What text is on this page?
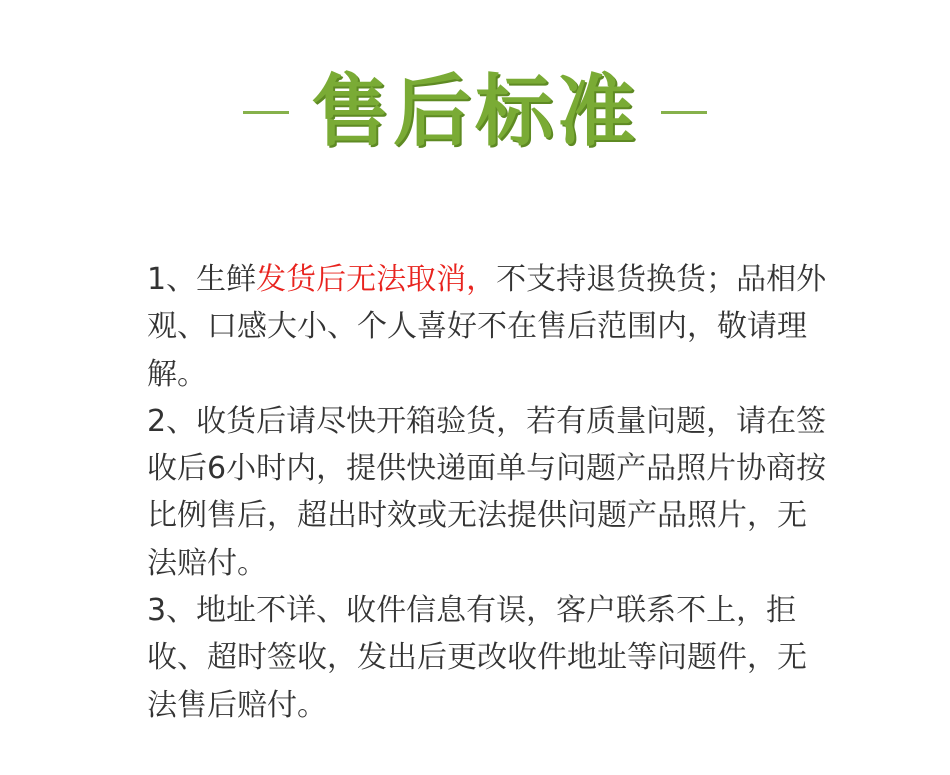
售后标准

1、生鲜发货后无法取消，不支持退货换货；品相外观、口感大小、个人喜好不在售后范围内，敬请理解。

2、收货后请尽快开箱验货，若有质量问题，请在签收后6小时内，提供快递面单与问题产品照片协商按比例售后，超出时效或无法提供问题产品照片，无法赔付。

3、地址不详、收件信息有误，客户联系不上，拒收、超时签收，发出后更改收件地址等问题件，无法售后赔付。
